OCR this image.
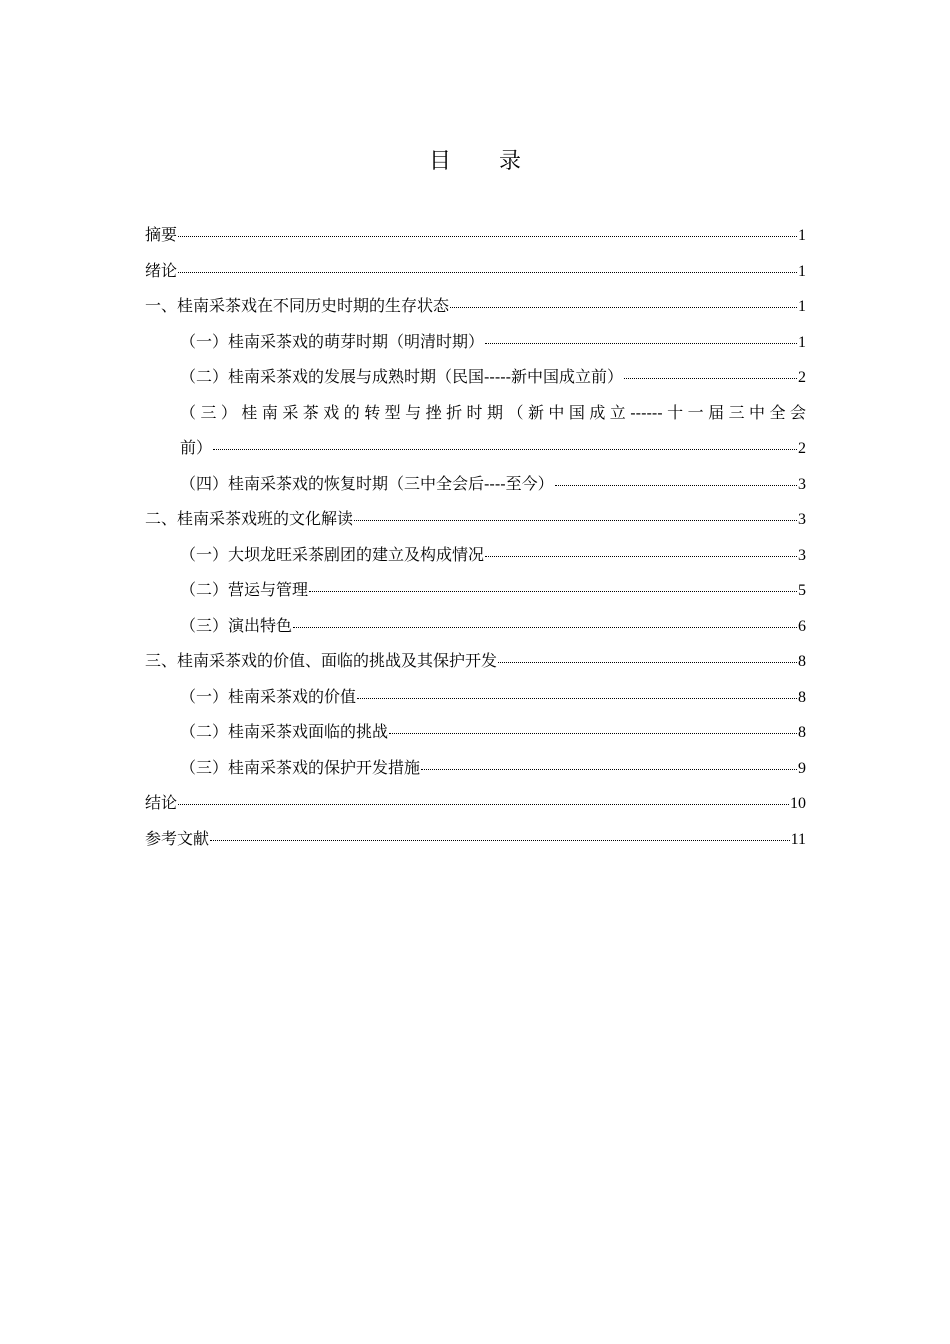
目 录
摘要	1
绪论	1
一、桂南采茶戏在不同历史时期的生存状态	1
（一）桂南采茶戏的萌芽时期（明清时期）	1
（二）桂南采茶戏的发展与成熟时期（民国-----新中国成立前）	2
（三）桂南采茶戏的转型与挫折时期（新中国成立------十一届三中全会
前）	2
（四）桂南采茶戏的恢复时期（三中全会后----至今）	3
二、桂南采茶戏班的文化解读	3
（一）大坝龙旺采茶剧团的建立及构成情况	3
（二）营运与管理	5
（三）演出特色	6
三、桂南采茶戏的价值、面临的挑战及其保护开发	8
（一）桂南采茶戏的价值	8
（二）桂南采茶戏面临的挑战	8
（三）桂南采茶戏的保护开发措施	9
结论	10
参考文献	11
